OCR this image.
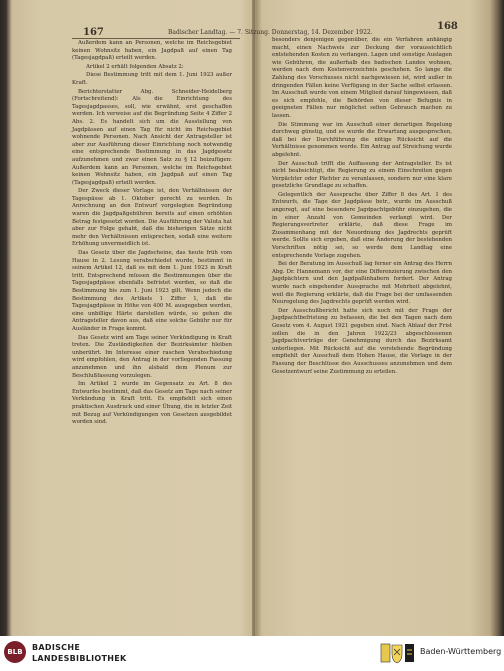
167	Badischer Landtag. — 7. Sitzung. Donnerstag, 14. Dezember 1922.
168

Außerdem kann an Personen, welche im Reichsgebiet keinen Wohnsitz haben, ein Jagdpaß auf einen Tag (Tagesjagdpaß) erteilt werden.

Artikel 2 erhält folgenden Absatz 2:

Diese Bestimmung tritt mit dem 1. Juni 1923 außer Kraft.

Berichterstatter Abg. Schneider-Heidelberg (Fortschreitend): Als die Einrichtung des Tagesjagdpasses, soll, wie erwähnt, erst geschaffen werden. Ich verweise auf die Begründung Seite 4 Ziffer 2 Abs. 2. Es handelt sich um die Ausstellung von Jagdpässen auf einen Tag für nicht im Reichsgebiet wohnende Personen. Nach Ansicht der Antragsteller ist aber zur Ausführung dieser Einrichtung noch notwendig eine entsprechende Bestimmung in das Jagdgesetz aufzunehmen und zwar einen Satz zu § 12 beizufügen: Außerdem kann an Personen, welche im Reichsgebiet keinen Wohnsitz haben, ein Jagdpaß auf einen Tag (Tagesjagdpaß) erteilt werden.

Der Zweck dieser Vorlage ist, den Verhältnissen der Tagespässe ab 1. Oktober gerecht zu werden. In Anrechnung an den Entwurf vorgelegten Begründung waren die Jagdpaßgebühren bereits auf einen erhöhten Betrag festgesetzt worden. Die Ausführung der Valuta hat aber zur Folge gehabt, daß die bisherigen Sätze nicht mehr den Verhältnissen entsprechen, sodaß eine weitere Erhöhung unvermeidlich ist.

Das Gesetz über die Jagdscheine, das heute früh vom Hause in 2. Lesung verabschiedet wurde, bestimmt in seinem Artikel 12, daß es mit dem 1. Juni 1923 in Kraft tritt. Entsprechend müssen die Bestimmungen über die Tagesjagdpässe ebenfalls befristet werden, so daß die Bestimmung bis zum 1. Juni 1923 gilt. Wenn jedoch die Bestimmung des Artikels 1 Ziffer 1, daß die Tagesjagdpässe in Höhe von 400 M. ausgegeben werden, eine unbillige Härte darstellen würde, so gehen die Antragsteller davon aus, daß eine solche Gebühr nur für Ausländer in Frage kommt.

Das Gesetz wird am Tage seiner Verkündigung in Kraft treten. Die Zuständigkeiten der Bezirksämter bleiben unberührt. Im Interesse einer raschen Verabschiedung wird empfohlen, den Antrag in der vorliegenden Fassung anzunehmen und ihn alsbald dem Plenum zur Beschlußfassung vorzulegen.

Im Artikel 2 wurde im Gegensatz zu Art. 8 des Entwurfes bestimmt, daß das Gesetz am Tage nach seiner Verkündung in Kraft tritt. Es empfiehlt sich einen praktischen Ausdruck und einer Übung, die in letzter Zeit mit Bezug auf Verkündigungen von Gesetzen ausgebildet worden sind.

besonders denjenigen gegenüber, die ein Verfahren anhängig macht, einen Nachweis zur Deckung der voraussichtlich entstehenden Kosten zu verlangen. Lagen und sonstige Auslagen wie Gebühren, die außerhalb des badischen Landes wohnen, werden nach dem Kostenverzeichnis geschehen. So lange die Zahlung des Vorschusses nicht nachgewiesen ist, wird außer in dringenden Fällen keine Verfügung in der Sache selbst erlassen. Im Ausschuß wurde von einem Mitglied darauf hingewiesen, daß es sich empfehle, die Behörden von dieser Befugnis in geeigneten Fällen nur möglichst selten Gebrauch machen zu lassen.

Die Stimmung war im Ausschuß einer derartigen Regelung durchweg günstig, und es wurde die Erwartung ausgesprochen, daß bei der Durchführung die nötige Rücksicht auf die Verhältnisse genommen werde. Ein Antrag auf Streichung wurde abgelehnt.

Der Ausschuß trifft die Auffassung der Antragsteller. Es ist nicht beabsichtigt, die Regierung zu einem Einschreiten gegen Verpächter oder Pächter zu veranlassen, sondern nur eine klare gesetzliche Grundlage zu schaffen.

Gelegentlich der Aussprache über Ziffer 8 des Art. 1 des Entwurfs, die Tage der Jagdpässe betr., wurde im Ausschuß angeregt, auf eine besondere Jagdpachtgebühr einzugehen, die in einer Anzahl von Gemeinden verlangt wird. Der Regierungsvertreter erklärte, daß diese Frage im Zusammenhang mit der Neuordnung des Jagdrechts geprüft werde. Sollte sich ergeben, daß eine Änderung der bestehenden Vorschriften nötig sei, so werde dem Landtag eine entsprechende Vorlage zugehen.

Bei der Beratung im Ausschuß lag ferner ein Antrag des Herrn Abg. Dr. Hannemann vor, der eine Differenzierung zwischen den Jagdpächtern und den Jagdpaßinhabern fordert. Der Antrag wurde nach eingehender Aussprache mit Mehrheit abgelehnt, weil die Regierung erklärte, daß die Frage bei der umfassenden Neuregelung des Jagdrechts geprüft werden wird.

Der Ausschußbericht hatte sich noch mit der Frage der Jagdpachtbefristung zu befassen, die bei den Tagen nach dem Gesetz vom 4. August 1921 gegeben sind. Nach Ablauf der Frist sollen die in den Jahren 1922/23 abgeschlossenen Jagdpachtverträge der Genehmigung durch das Bezirksamt unterliegen. Mit Rücksicht auf die vorstehende Begründung empfiehlt der Ausschuß dem Hohen Hause, die Vorlage in der Fassung der Beschlüsse des Ausschusses anzunehmen und dem Gesetzentwurf seine Zustimmung zu erteilen.

BLB	BADISCHE
LANDESBIBLIOTHEK
Baden-Württemberg
